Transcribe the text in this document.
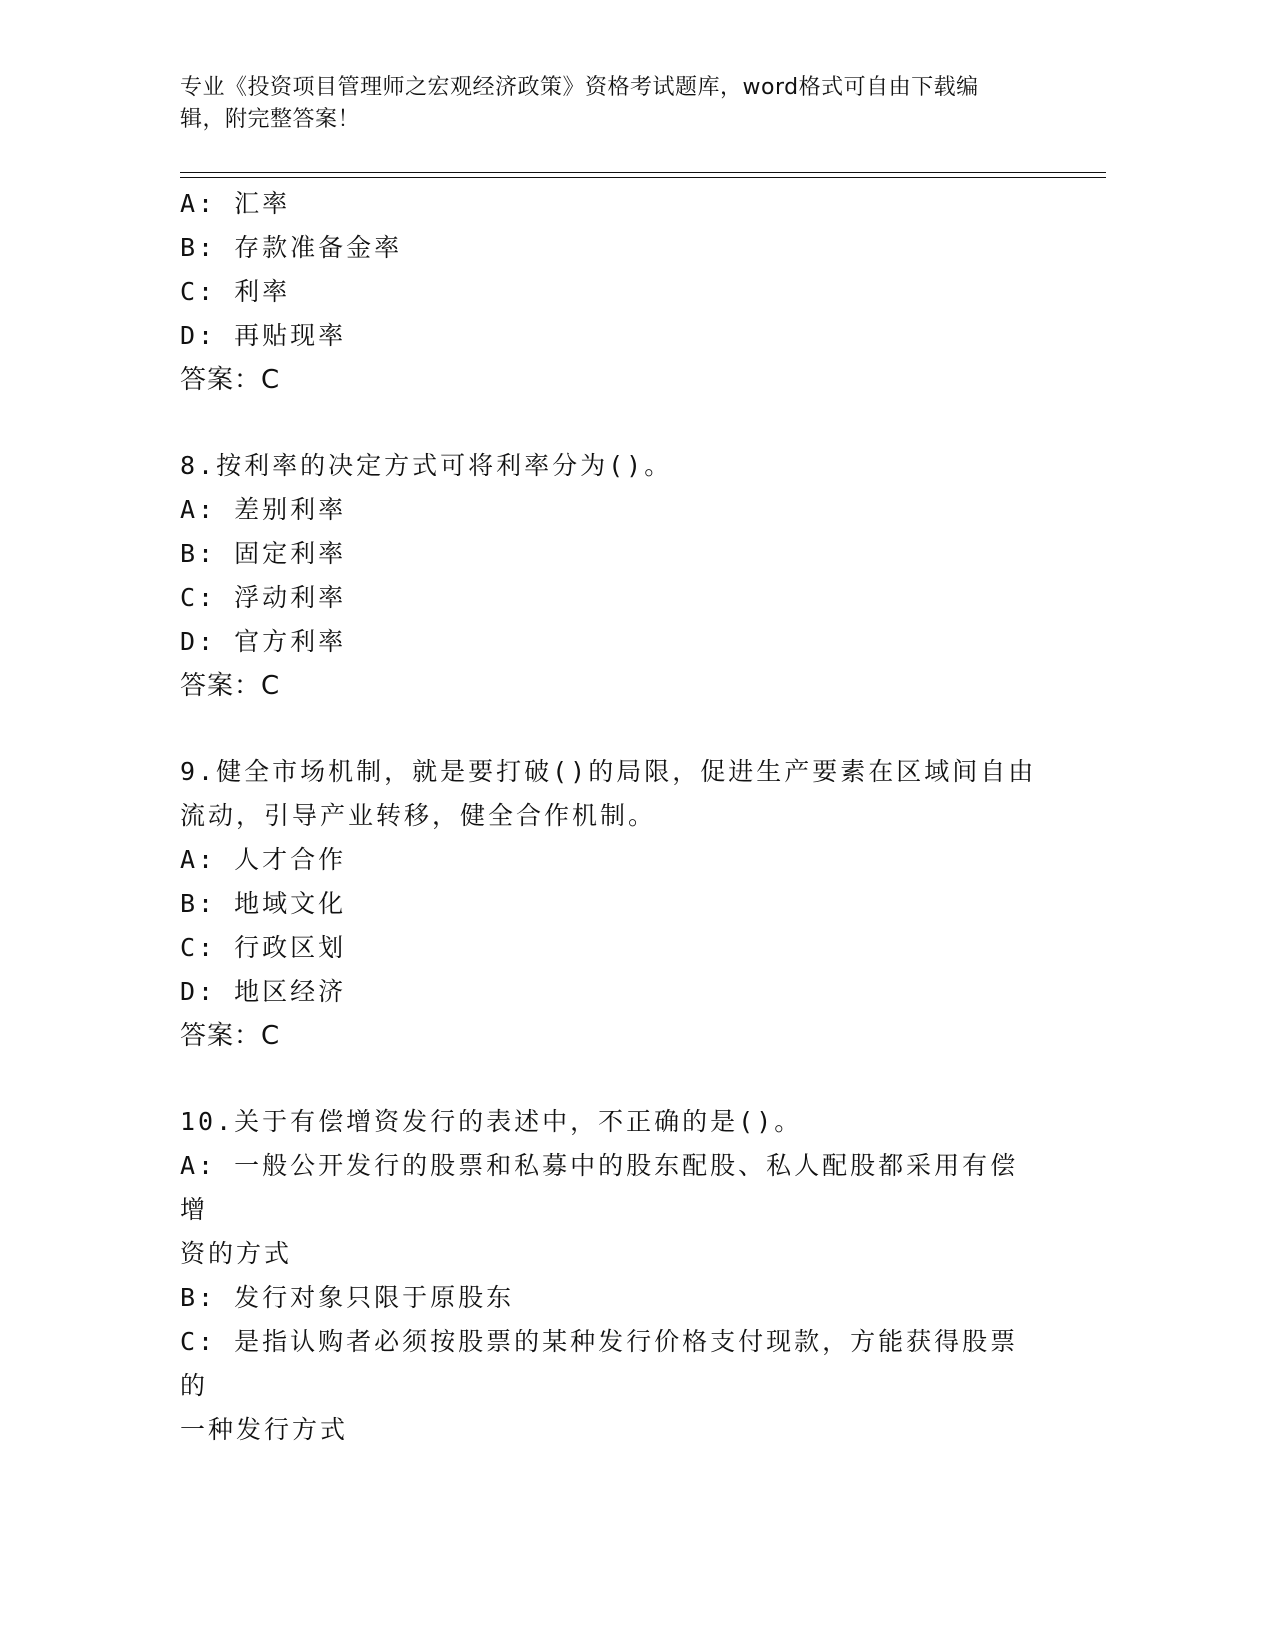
专业《投资项目管理师之宏观经济政策》资格考试题库，word格式可自由下载编
辑，附完整答案！
A: 汇率
B: 存款准备金率
C: 利率
D: 再贴现率
答案：C
8.按利率的决定方式可将利率分为()。
A: 差别利率
B: 固定利率
C: 浮动利率
D: 官方利率
答案：C
9.健全市场机制，就是要打破()的局限，促进生产要素在区域间自由
流动，引导产业转移，健全合作机制。
A: 人才合作
B: 地域文化
C: 行政区划
D: 地区经济
答案：C
10.关于有偿增资发行的表述中，不正确的是()。
A: 一般公开发行的股票和私募中的股东配股、私人配股都采用有偿增
资的方式
B: 发行对象只限于原股东
C: 是指认购者必须按股票的某种发行价格支付现款，方能获得股票的
一种发行方式
